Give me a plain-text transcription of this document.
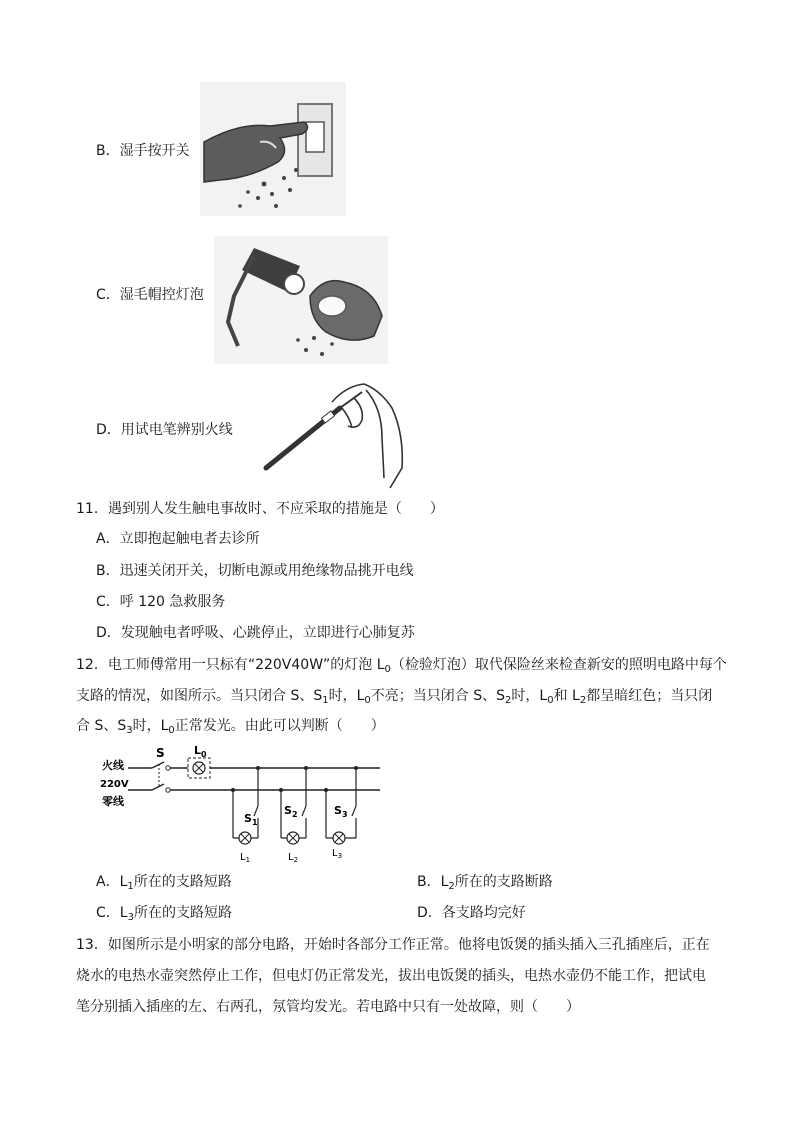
B．湿手按开关
C．湿毛帽控灯泡
D．用试电笔辨别火线
11．遇到别人发生触电事故时、不应采取的措施是（　　）
A．立即抱起触电者去诊所
B．迅速关闭开关，切断电源或用绝缘物品挑开电线
C．呼 120 急救服务
D．发现触电者呼吸、心跳停止，立即进行心肺复苏
12．电工师傅常用一只标有“220V40W”的灯泡 $L_0$（检验灯泡）取代保险丝来检查新安的照明电路中每个
支路的情况，如图所示。当只闭合 S、$S_1$时，$L_0$不亮；当只闭合 S、$S_2$时，$L_0$和 $L_2$都呈暗红色；当只闭
合 S、$S_3$时，$L_0$正常发光。由此可以判断（　　）
火线
220V
零线
S	$L_0$
$S_1$
$L_1$
$S_2$
$L_2$
$S_3$
$L_3$
A．$L_1$所在的支路短路	B．$L_2$所在的支路断路
C．$L_3$所在的支路短路	D．各支路均完好
13．如图所示是小明家的部分电路，开始时各部分工作正常。他将电饭煲的插头插入三孔插座后，正在
烧水的电热水壶突然停止工作，但电灯仍正常发光，拔出电饭煲的插头，电热水壶仍不能工作，把试电
笔分别插入插座的左、右两孔，氖管均发光。若电路中只有一处故障，则（　　）
